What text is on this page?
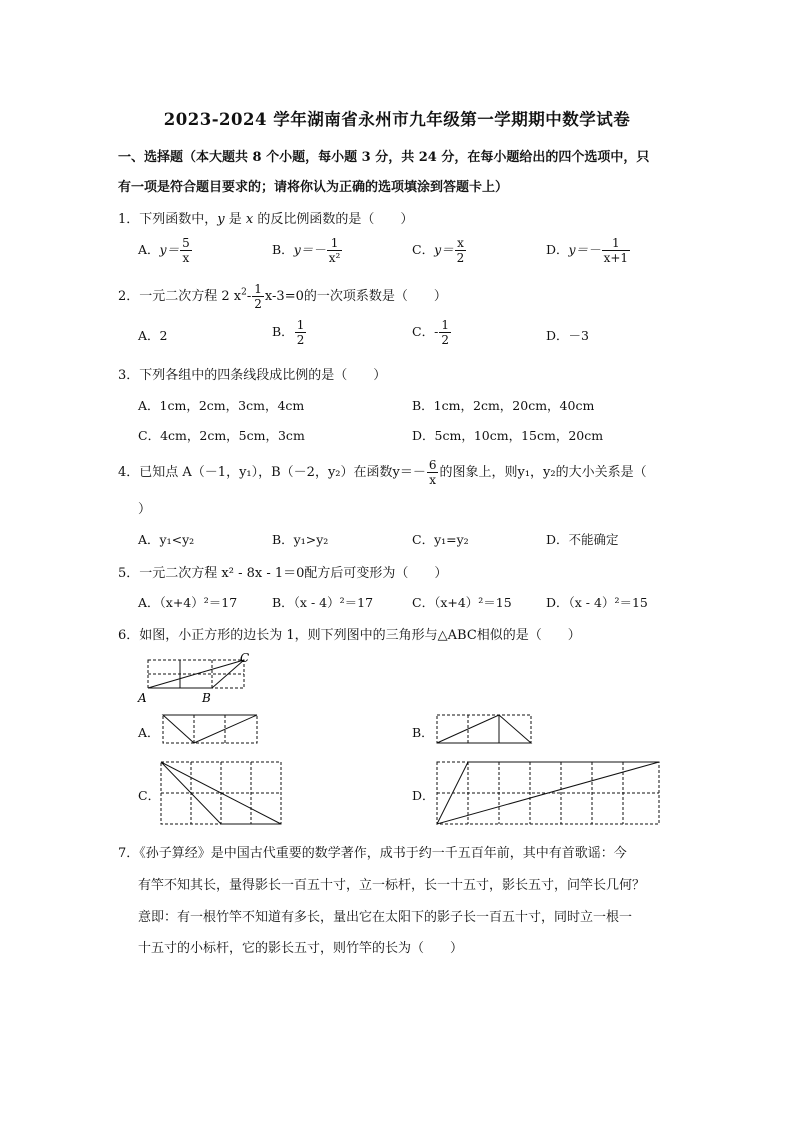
2023-2024 学年湖南省永州市九年级第一学期期中数学试卷
一、选择题（本大题共 8 个小题，每小题 3 分，共 24 分，在每小题给出的四个选项中，只
有一项是符合题目要求的；请将你认为正确的选项填涂到答题卡上）
1．下列函数中，y 是 x 的反比例函数的是（　　）
A．$y= \frac{5}{x}$	B．$y=- \frac{1}{\text{x²}}$	C．$y= \frac{x}{2}$	D．$y=- \frac{1}{x+1}$
2．一元二次方程 2 $x^2- \frac{1}{2} x-3=0$的一次项系数是（　　）
A．2	B． $\frac{1}{2}$	C．- $\frac{1}{2}$	D．－3
3．下列各组中的四条线段成比例的是（　　）
A．1cm，2cm，3cm，4cm	B．1cm，2cm，20cm，40cm
C．4cm，2cm，5cm，3cm	D．5cm，10cm，15cm，20cm
4．已知点 A（－1，y₁），B（－2，y₂）在函数$y=- \frac{6}{x}$ 的图象上，则y₁，y₂的大小关系是（
）
A．y₁<y₂	B．y₁>y₂	C．y₁=y₂	D．不能确定
5．一元二次方程 x² - 8x - 1＝0配方后可变形为（　　）
A．（x+4）²＝17	B．（x - 4）²＝17	C．（x+4）²＝15	D．（x - 4）²＝15
6．如图，小正方形的边长为 1，则下列图中的三角形与△ABC相似的是（　　）
A	B
C
A．	B．
C．	D．
7．《孙子算经》是中国古代重要的数学著作，成书于约一千五百年前，其中有首歌谣：今
有竿不知其长，量得影长一百五十寸，立一标杆，长一十五寸，影长五寸，问竿长几何？
意即：有一根竹竿不知道有多长，量出它在太阳下的影子长一百五十寸，同时立一根一
十五寸的小标杆，它的影长五寸，则竹竿的长为（　　）
